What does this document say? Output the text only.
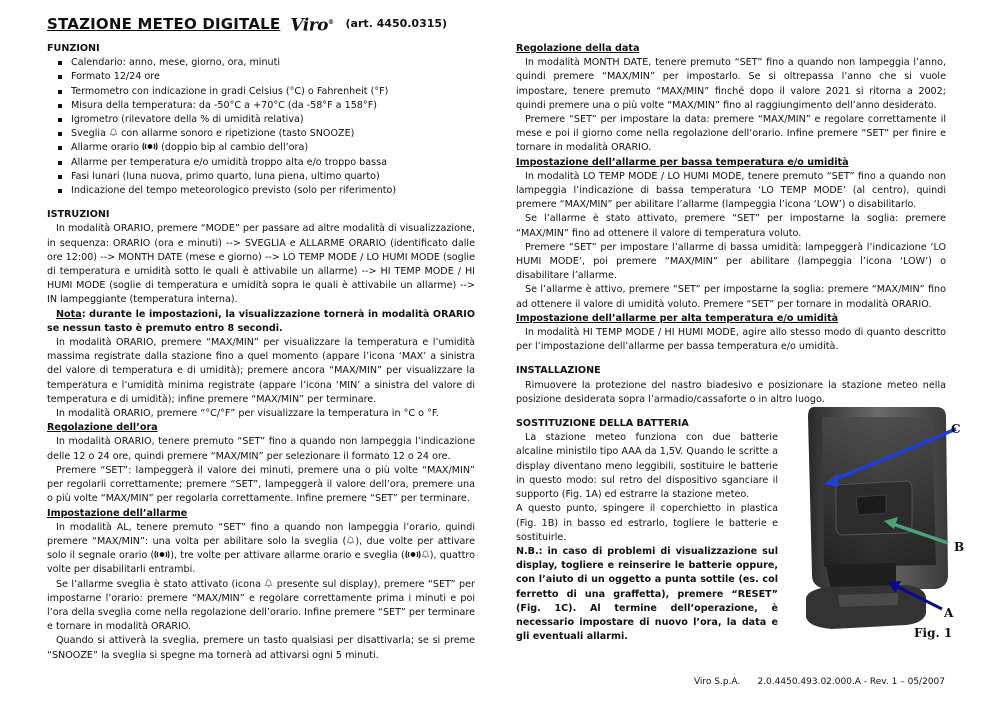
STAZIONE METEO DIGITALE Viro® (art. 4450.0315)
FUNZIONI
Calendario: anno, mese, giorno, ora, minuti
Formato 12/24 ore
Termometro con indicazione in gradi Celsius (°C) o Fahrenheit (°F)
Misura della temperatura: da -50°C a +70°C (da -58°F a 158°F)
Igrometro (rilevatore della % di umidità relativa)
Sveglia con allarme sonoro e ripetizione (tasto SNOOZE)
Allarme orario (doppio bip al cambio dell’ora)
Allarme per temperatura e/o umidità troppo alta e/o troppo bassa
Fasi lunari (luna nuova, primo quarto, luna piena, ultimo quarto)
Indicazione del tempo meteorologico previsto (solo per riferimento)
ISTRUZIONI

In modalità ORARIO, premere “MODE” per passare ad altre modalità di visualizzazione, in sequenza: ORARIO (ora e minuti) --> SVEGLIA e ALLARME ORARIO (identificato dalle ore 12:00) --> MONTH DATE (mese e giorno) --> LO TEMP MODE / LO HUMI MODE (soglie di temperatura e umidità sotto le quali è attivabile un allarme) --> HI TEMP MODE / HI HUMI MODE (soglie di temperatura e umidità sopra le quali è attivabile un allarme) --> IN lampeggiante (temperatura interna).

Nota: durante le impostazioni, la visualizzazione tornerà in modalità ORARIO se nessun tasto è premuto entro 8 secondi.

In modalità ORARIO, premere “MAX/MIN” per visualizzare la temperatura e l’umidità massima registrate dalla stazione fino a quel momento (appare l’icona ‘MAX’ a sinistra del valore di temperatura e di umidità); premere ancora “MAX/MIN” per visualizzare la temperatura e l’umidità minima registrate (appare l’icona ‘MIN’ a sinistra del valore di temperatura e di umidità); infine premere “MAX/MIN” per terminare.

In modalità ORARIO, premere “°C/°F” per visualizzare la temperatura in °C o °F.

Regolazione dell’ora

In modalità ORARIO, tenere premuto “SET” fino a quando non lampeggia l’indicazione delle 12 o 24 ore, quindi premere “MAX/MIN” per selezionare il formato 12 o 24 ore.

Premere “SET”: lampeggerà il valore dei minuti, premere una o più volte “MAX/MIN” per regolarli correttamente; premere “SET”, lampeggerà il valore dell’ora, premere una o più volte “MAX/MIN” per regolarla correttamente. Infine premere “SET” per terminare.

Impostazione dell’allarme

In modalità AL, tenere premuto “SET” fino a quando non lampeggia l’orario, quindi premere “MAX/MIN”: una volta per abilitare solo la sveglia ( ), due volte per attivare solo il segnale orario ( ), tre volte per attivare allarme orario e sveglia (	), quattro volte per disabilitarli entrambi.

Se l’allarme sveglia è stato attivato (icona presente sul display), premere “SET” per impostarne l’orario: premere “MAX/MIN” e regolare correttamente prima i minuti e poi l’ora della sveglia come nella regolazione dell’orario. Infine premere “SET” per terminare e tornare in modalità ORARIO.

Quando si attiverà la sveglia, premere un tasto qualsiasi per disattivarla; se si preme “SNOOZE” la sveglia si spegne ma tornerà ad attivarsi ogni 5 minuti.

Regolazione della data

In modalità MONTH DATE, tenere premuto “SET” fino a quando non lampeggia l’anno, quindi premere “MAX/MIN” per impostarlo. Se si oltrepassa l’anno che si vuole impostare, tenere premuto “MAX/MIN” finché dopo il valore 2021 si ritorna a 2002; quindi premere una o più volte “MAX/MIN” fino al raggiungimento dell’anno desiderato.

Premere “SET” per impostare la data: premere “MAX/MIN” e regolare correttamente il mese e poi il giorno come nella regolazione dell’orario. Infine premere “SET” per finire e tornare in modalità ORARIO.

Impostazione dell’allarme per bassa temperatura e/o umidità

In modalità LO TEMP MODE / LO HUMI MODE, tenere premuto “SET” fino a quando non lampeggia l’indicazione di bassa temperatura ‘LO TEMP MODE’ (al centro), quindi premere “MAX/MIN” per abilitare l’allarme (lampeggia l’icona ‘LOW’) o disabilitarlo.

Se l’allarme è stato attivato, premere “SET” per impostarne la soglia: premere “MAX/MIN” fino ad ottenere il valore di temperatura voluto.

Premere “SET” per impostare l’allarme di bassa umidità: lampeggerà l’indicazione ‘LO HUMI MODE’, poi premere “MAX/MIN” per abilitare (lampeggia l’icona ‘LOW’) o disabilitare l’allarme.

Se l’allarme è attivo, premere “SET” per impostarne la soglia: premere “MAX/MIN” fino ad ottenere il valore di umidità voluto. Premere “SET” per tornare in modalità ORARIO.

Impostazione dell’allarme per alta temperatura e/o umidità

In modalità HI TEMP MODE / HI HUMI MODE, agire allo stesso modo di quanto descritto per l’impostazione dell’allarme per bassa temperatura e/o umidità.

INSTALLAZIONE

Rimuovere la protezione del nastro biadesivo e posizionare la stazione meteo nella posizione desiderata sopra l’armadio/cassaforte o in altro luogo.

SOSTITUZIONE DELLA BATTERIA

La stazione meteo funziona con due batterie alcaline ministilo tipo AAA da 1,5V. Quando le scritte a display diventano meno leggibili, sostituire le batterie in questo modo: sul retro del dispositivo sganciare il supporto (Fig. 1A) ed estrarre la stazione meteo.

A questo punto, spingere il coperchietto in plastica (Fig. 1B) in basso ed estrarlo, togliere le batterie e sostituirle.

N.B.: in caso di problemi di visualizzazione sul display, togliere e reinserire le batterie oppure, con l’aiuto di un oggetto a punta sottile (es. col ferretto di una graffetta), premere “RESET” (Fig. 1C). Al termine dell’operazione, è necessario impostare di nuovo l’ora, la data e gli eventuali allarmi.

C
B
A
Fig. 1
Viro S.p.A. 2.0.4450.493.02.000.A - Rev. 1 – 05/2007
